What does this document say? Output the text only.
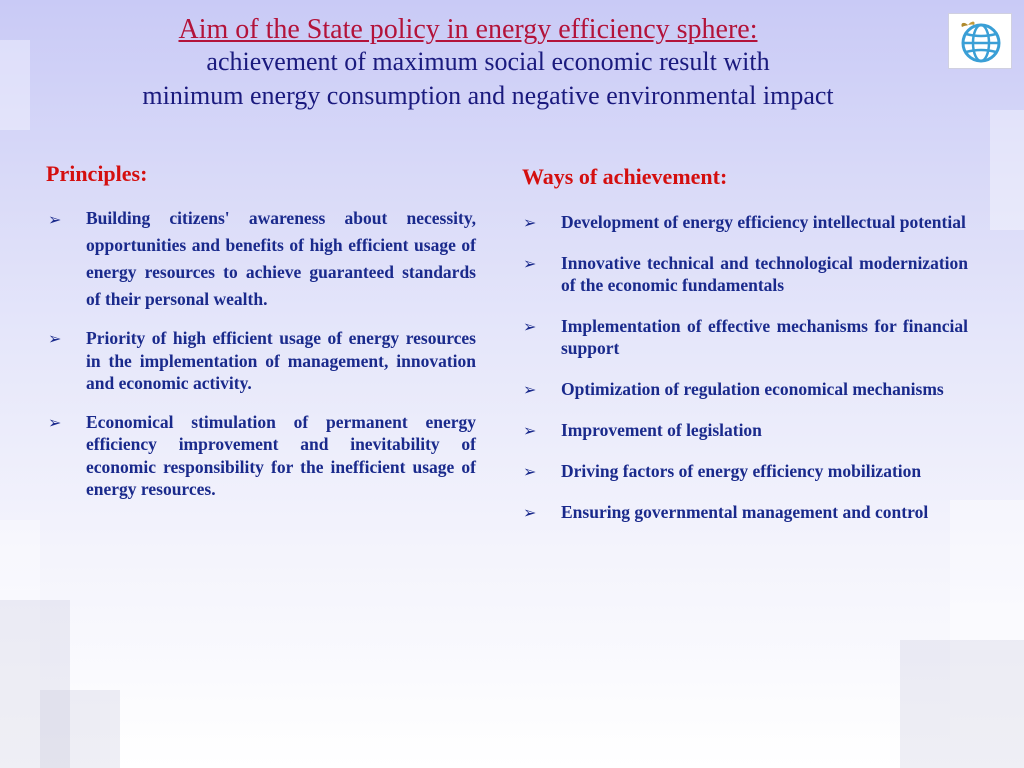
Aim of the State policy in energy efficiency sphere:
achievement of maximum social economic result with
minimum energy consumption and negative environmental impact
Principles:
➢ Building citizens' awareness about necessity, opportunities and benefits of high efficient usage of energy resources to achieve guaranteed standards of their personal wealth.
➢ Priority of high efficient usage of energy resources in the implementation of management, innovation and economic activity.
➢ Economical stimulation of permanent energy efficiency improvement and inevitability of economic responsibility for the inefficient usage of energy resources.
Ways of achievement:
➢ Development of energy efficiency intellectual potential
➢ Innovative technical and technological modernization of the economic fundamentals
➢ Implementation of effective mechanisms for financial support
➢ Optimization of regulation economical mechanisms
➢ Improvement of legislation
➢ Driving factors of energy efficiency mobilization
➢ Ensuring governmental management and control
